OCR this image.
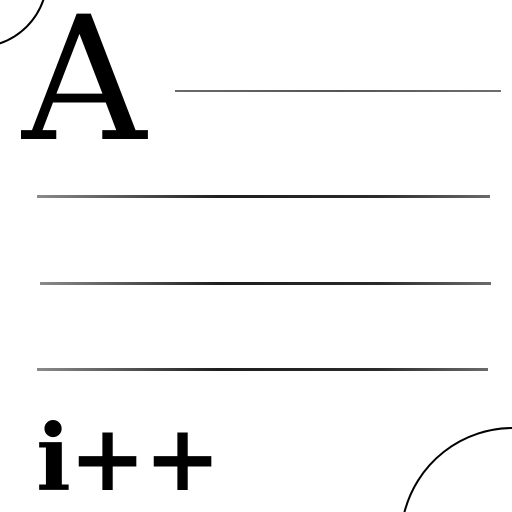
A
i++
